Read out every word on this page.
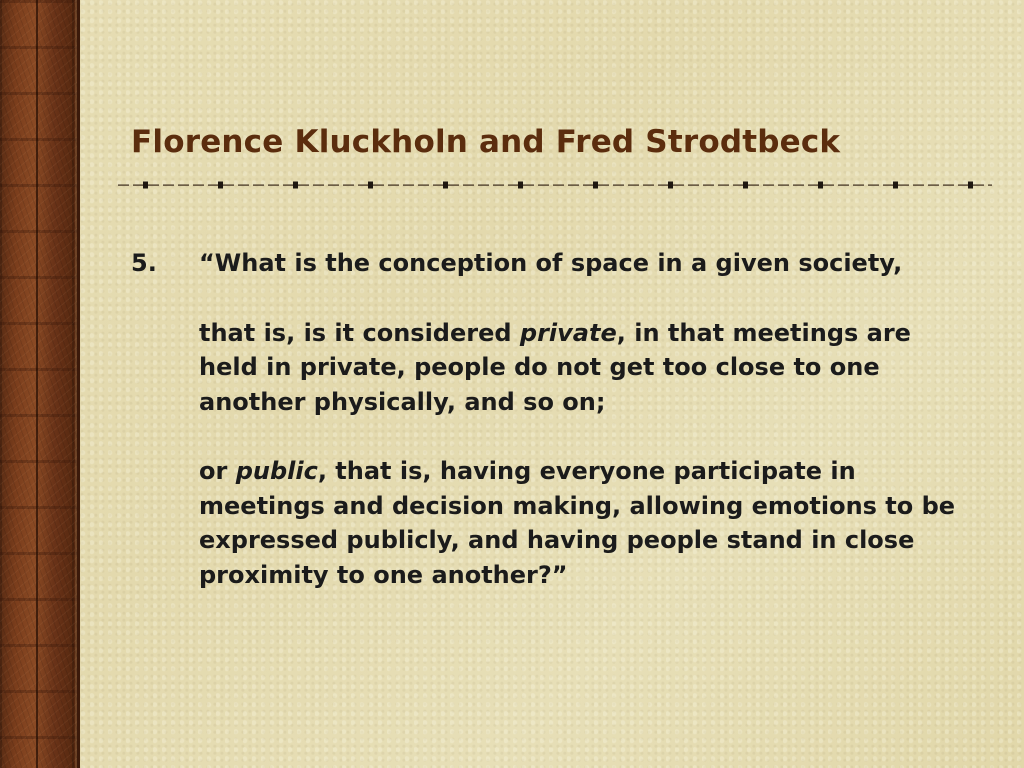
Florence Kluckholn and Fred Strodtbeck
5.	“What is the conception of space in a given society,

that is, is it considered private, in that meetings are held in private, people do not get too close to one another physically, and so on;

or public, that is, having everyone participate in meetings and decision making, allowing emotions to be expressed publicly, and having people stand in close proximity to one another?”
